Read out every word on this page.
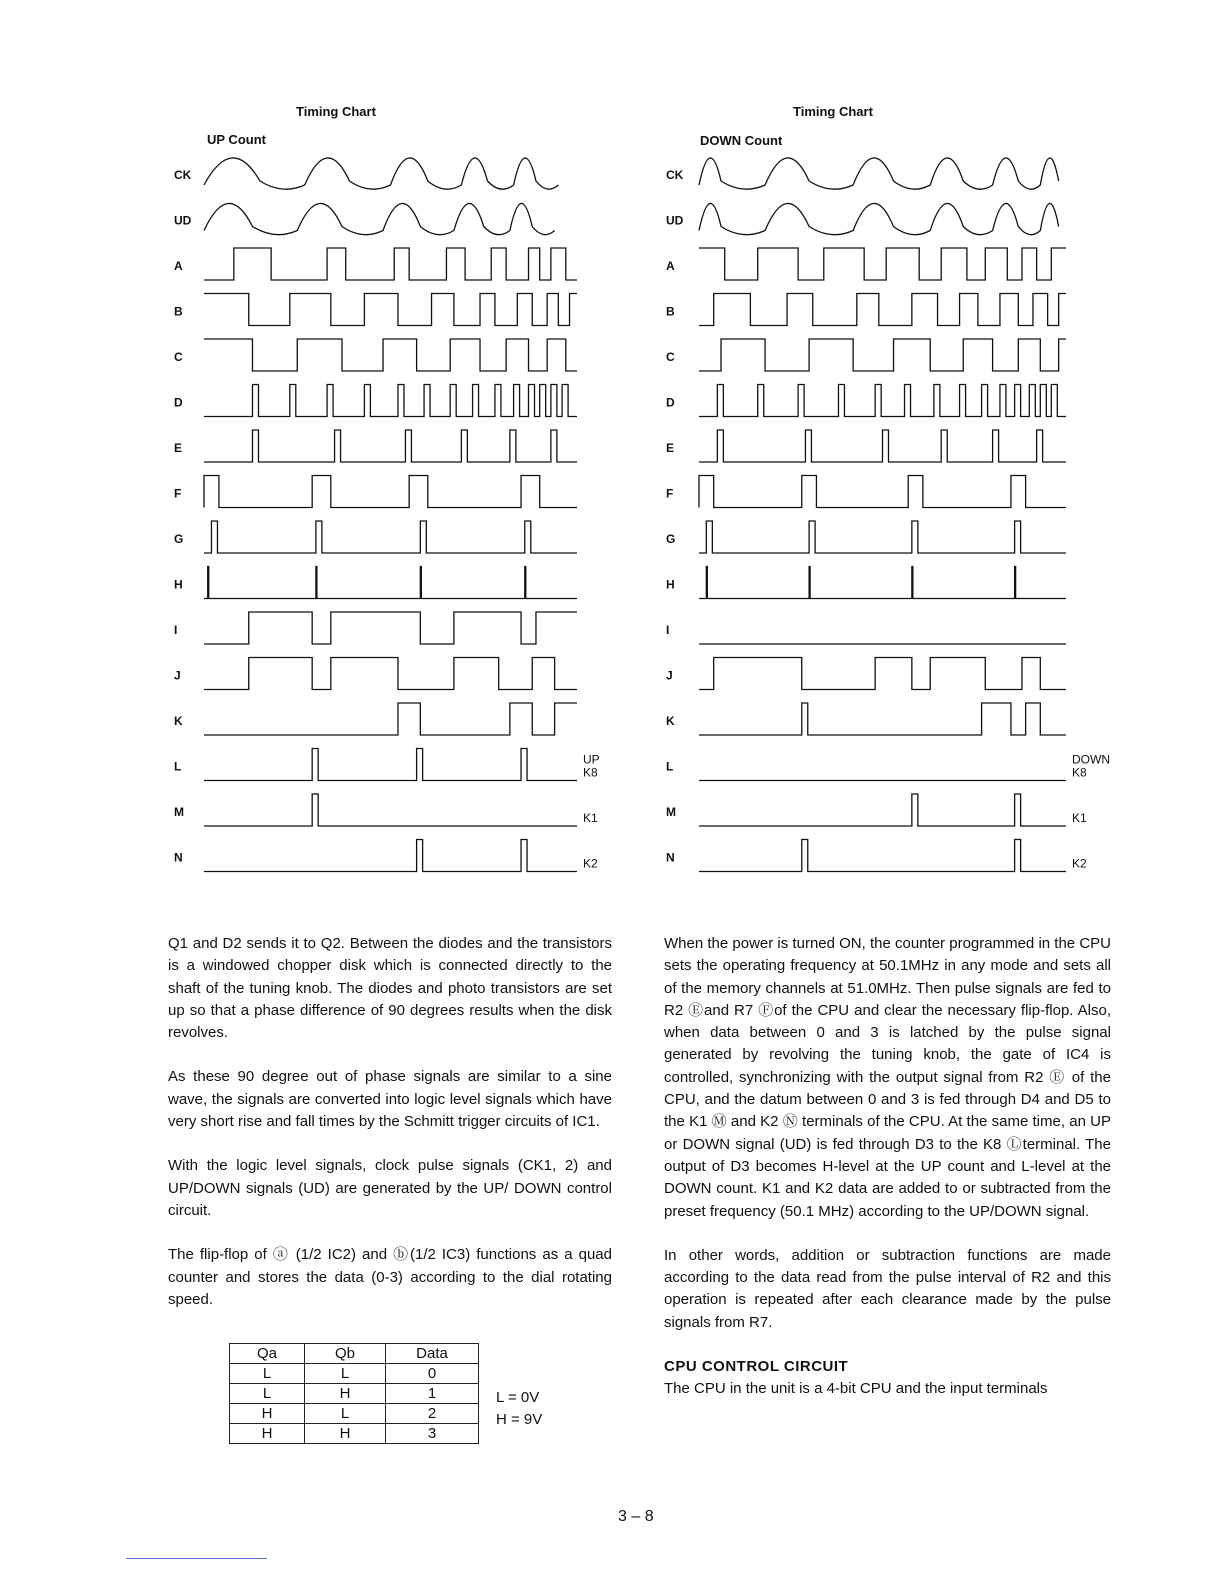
Timing Chart
UP Count
CK
UD
A
B
C
D
E
F
G
H
I
J
K
L	UP
K8
M	K1
N	K2
Timing Chart
DOWN Count
CK
UD
A
B
C
D
E
F
G
H
I
J
K
L	DOWN
K8
M	K1
N	K2

Q1 and D2 sends it to Q2. Between the diodes and the transistors is a windowed chopper disk which is connected directly to the shaft of the tuning knob. The diodes and photo transistors are set up so that a phase difference of 90 degrees results when the disk revolves.

As these 90 degree out of phase signals are similar to a sine wave, the signals are converted into logic level signals which have very short rise and fall times by the Schmitt trigger circuits of IC1.

With the logic level signals, clock pulse signals (CK1, 2) and UP/DOWN signals (UD) are generated by the UP/ DOWN control circuit.

The flip-flop of ⓐ (1/2 IC2) and ⓑ(1/2 IC3) functions as a quad counter and stores the data (0-3) according to the dial rotating speed.

Qa	Qb	Data
L	L	0
L	H	1
H	L	2
H	H	3
L = 0V
H = 9V

When the power is turned ON, the counter programmed in the CPU sets the operating frequency at 50.1MHz in any mode and sets all of the memory channels at 51.0MHz. Then pulse signals are fed to R2 Ⓔand R7 Ⓕof the CPU and clear the necessary flip-flop. Also, when data between 0 and 3 is latched by the pulse signal generated by revolving the tuning knob, the gate of IC4 is controlled, synchronizing with the output signal from R2 Ⓔ of the CPU, and the datum between 0 and 3 is fed through D4 and D5 to the K1 Ⓜ and K2 Ⓝ terminals of the CPU. At the same time, an UP or DOWN signal (UD) is fed through D3 to the K8 Ⓛterminal. The output of D3 becomes H-level at the UP count and L-level at the DOWN count. K1 and K2 data are added to or subtracted from the preset frequency (50.1 MHz) according to the UP/DOWN signal.

In other words, addition or subtraction functions are made according to the data read from the pulse interval of R2 and this operation is repeated after each clearance made by the pulse signals from R7.

CPU CONTROL CIRCUIT

The CPU in the unit is a 4-bit CPU and the input terminals

3 – 8
